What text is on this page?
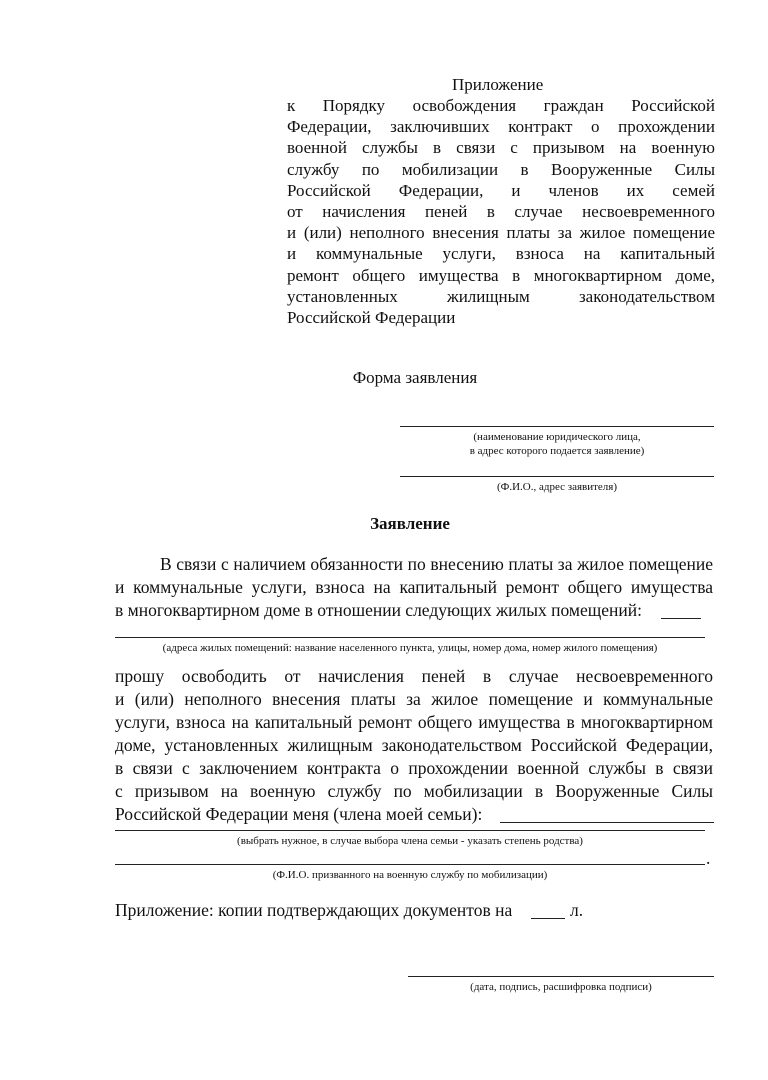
Приложение
к Порядку освобождения граждан Российской
Федерации, заключивших контракт о прохождении
военной службы в связи с призывом на военную
службу по мобилизации в Вооруженные Силы
Российской Федерации, и членов их семей
от начисления пеней в случае несвоевременного
и (или) неполного внесения платы за жилое помещение
и коммунальные услуги, взноса на капитальный
ремонт общего имущества в многоквартирном доме,
установленных жилищным законодательством
Российской Федерации
Форма заявления
(наименование юридического лица,
в адрес которого подается заявление)
(Ф.И.О., адрес заявителя)
Заявление
В связи с наличием обязанности по внесению платы за жилое помещение
и коммунальные услуги, взноса на капитальный ремонт общего имущества
в многоквартирном доме в отношении следующих жилых помещений:
(адреса жилых помещений: название населенного пункта, улицы, номер дома, номер жилого помещения)
прошу освободить от начисления пеней в случае несвоевременного
и (или) неполного внесения платы за жилое помещение и коммунальные
услуги, взноса на капитальный ремонт общего имущества в многоквартирном
доме, установленных жилищным законодательством Российской Федерации,
в связи с заключением контракта о прохождении военной службы в связи
с призывом на военную службу по мобилизации в Вооруженные Силы
Российской Федерации меня (члена моей семьи):
(выбрать нужное, в случае выбора члена семьи - указать степень родства)
.
(Ф.И.О. призванного на военную службу по мобилизации)
Приложение: копии подтверждающих документов на	л.
(дата, подпись, расшифровка подписи)
